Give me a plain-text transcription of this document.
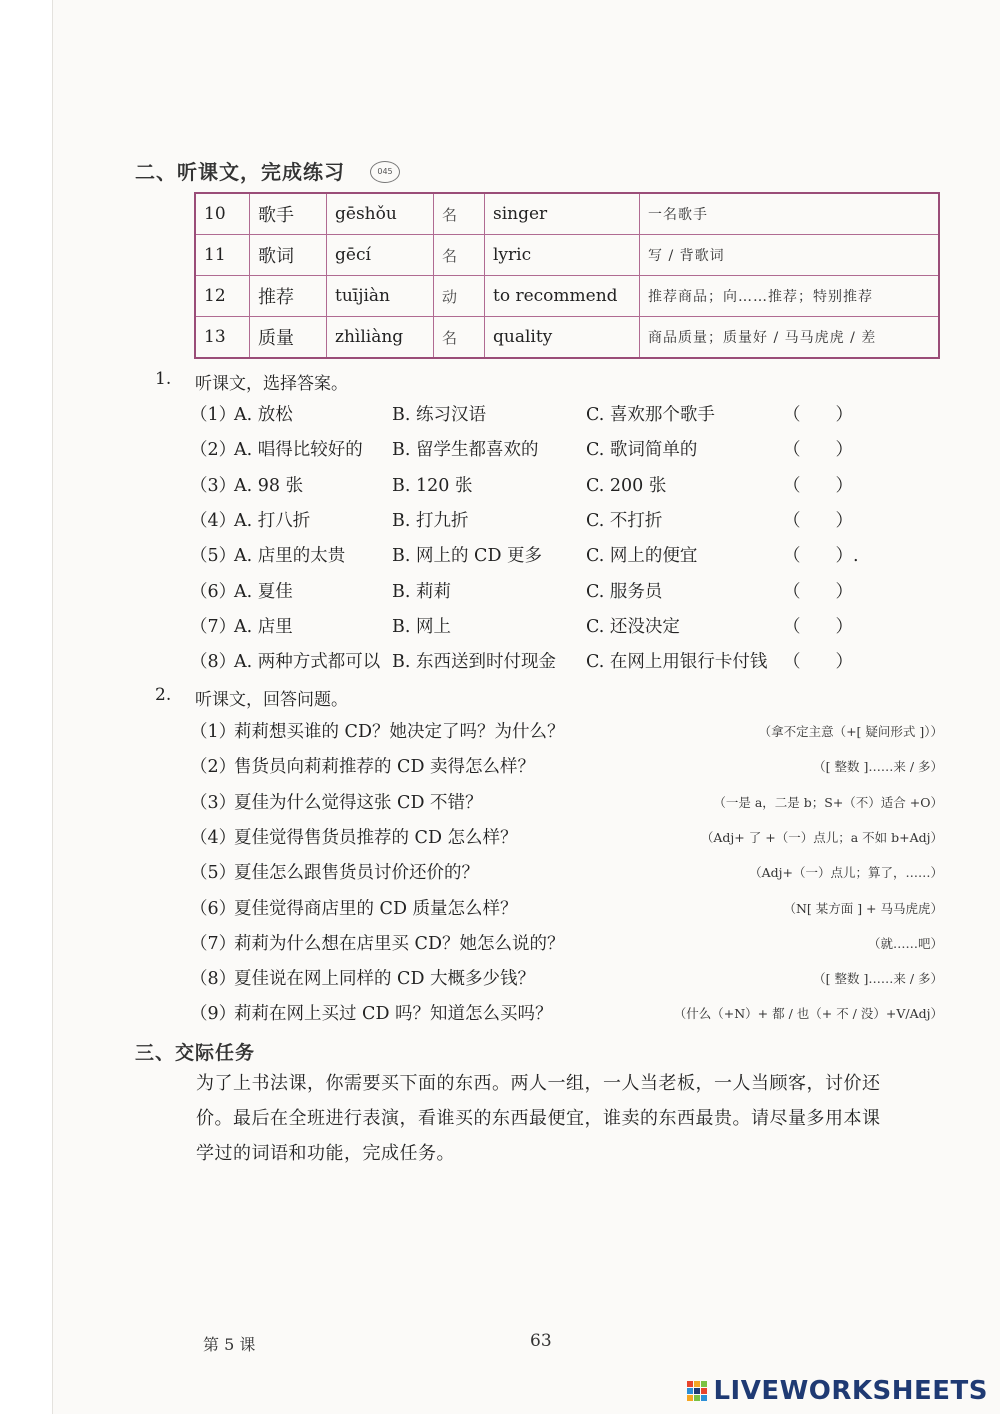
二、听课文，完成练习	045
10	歌手	gēshǒu	名	singer	一名歌手
11	歌词	gēcí	名	lyric	写 / 背歌词
12	推荐	tuījiàn	动	to recommend	推荐商品；向……推荐；特别推荐
13	质量	zhìliàng	名	quality	商品质量；质量好 / 马马虎虎 / 差
1. 听课文，选择答案。
（1）
A. 放松	B. 练习汉语	C. 喜欢那个歌手	（　　）
（2）
A. 唱得比较好的 B. 留学生都喜欢的	C. 歌词简单的	（　　）
（3）
A. 98 张	B. 120 张	C. 200 张	（　　）
（4）
A. 打八折	B. 打九折	C. 不打折	（　　）
（5）
A. 店里的太贵	B. 网上的 CD 更多	C. 网上的便宜	（　　）.
（6）
A. 夏佳	B. 莉莉	C. 服务员	（　　）
（7）
A. 店里	B. 网上	C. 还没决定	（　　）
（8）
A. 两种方式都可以 B. 东西送到时付现金 C. 在网上用银行卡付钱 （　　）
2. 听课文，回答问题。
（1）
莉莉想买谁的 CD？她决定了吗？为什么？	（拿不定主意（+[ 疑问形式 ]））
（2）
售货员向莉莉推荐的 CD 卖得怎么样？	（[ 整数 ]……来 / 多）
（3）
夏佳为什么觉得这张 CD 不错？	（一是 a，二是 b；S+（不）适合 +O）
（4）
夏佳觉得售货员推荐的 CD 怎么样？	（Adj+ 了 +（一）点儿；a 不如 b+Adj）
（5）
夏佳怎么跟售货员讨价还价的？	（Adj+（一）点儿；算了，……）
（6）
夏佳觉得商店里的 CD 质量怎么样？	（N[ 某方面 ] + 马马虎虎）
（7）
莉莉为什么想在店里买 CD？她怎么说的？	（就……吧）
（8）
夏佳说在网上同样的 CD 大概多少钱？	（[ 整数 ]……来 / 多）
（9）
莉莉在网上买过 CD 吗？知道怎么买吗？	（什么（+N）+ 都 / 也（+ 不 / 没）+V/Adj）
三、交际任务
为了上书法课，你需要买下面的东西。两人一组，一人当老板，一人当顾客，讨价还
价。最后在全班进行表演，看谁买的东西最便宜，谁卖的东西最贵。请尽量多用本课
学过的词语和功能，完成任务。
第 5 课	63
LIVEWORKSHEETS
